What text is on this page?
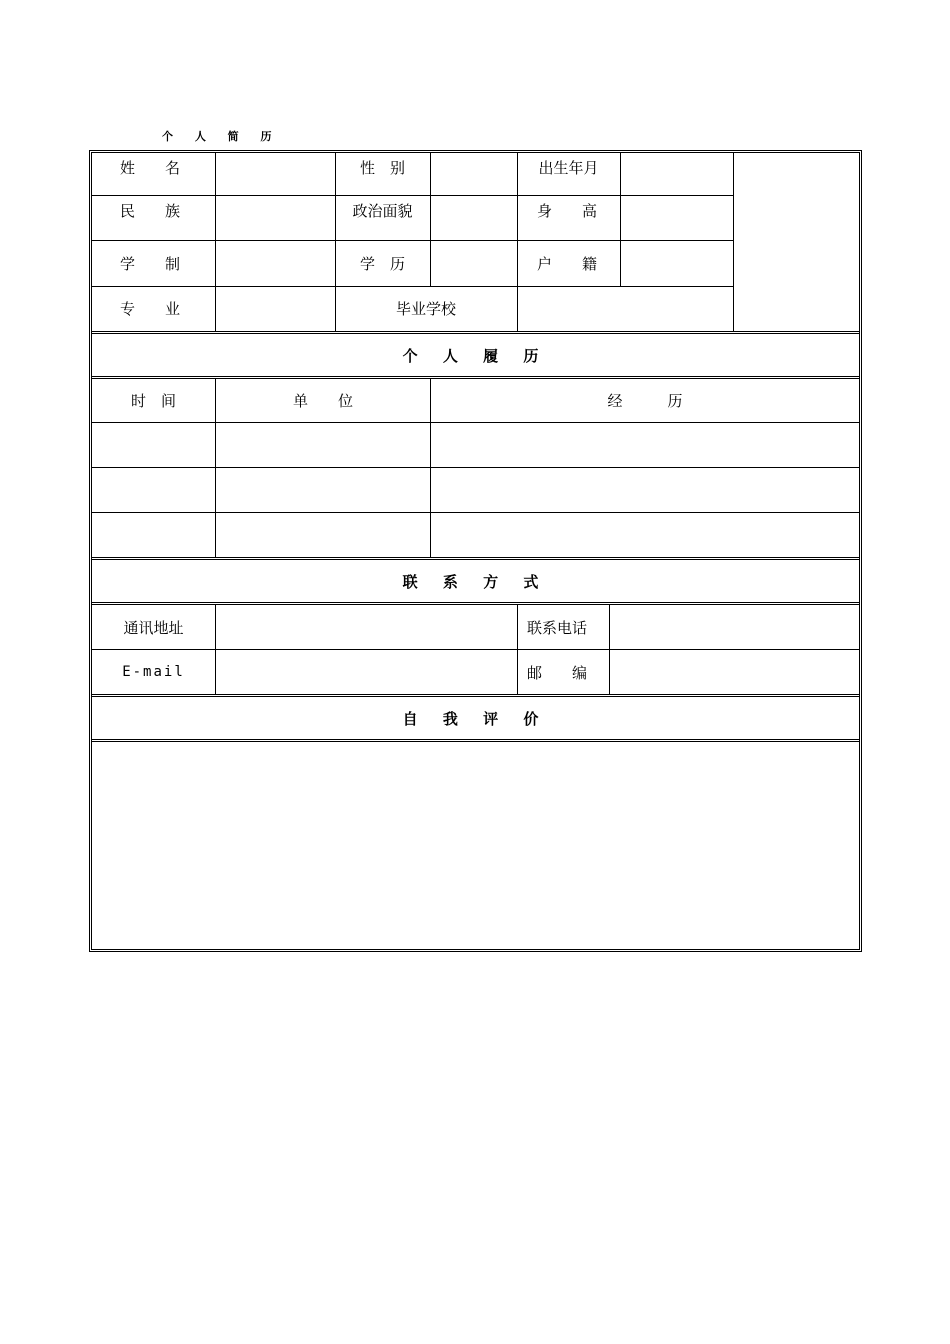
个 人 简 历
姓　　名	性　别	出生年月
民　　族	政治面貌	身　　高
学　　制	学　历	户　　籍
专　　业	毕业学校
个 人 履 历
时　间	单　　位	经　　　历
联 系 方 式
通讯地址	联系电话
E-mail	邮　　编
自 我 评 价
